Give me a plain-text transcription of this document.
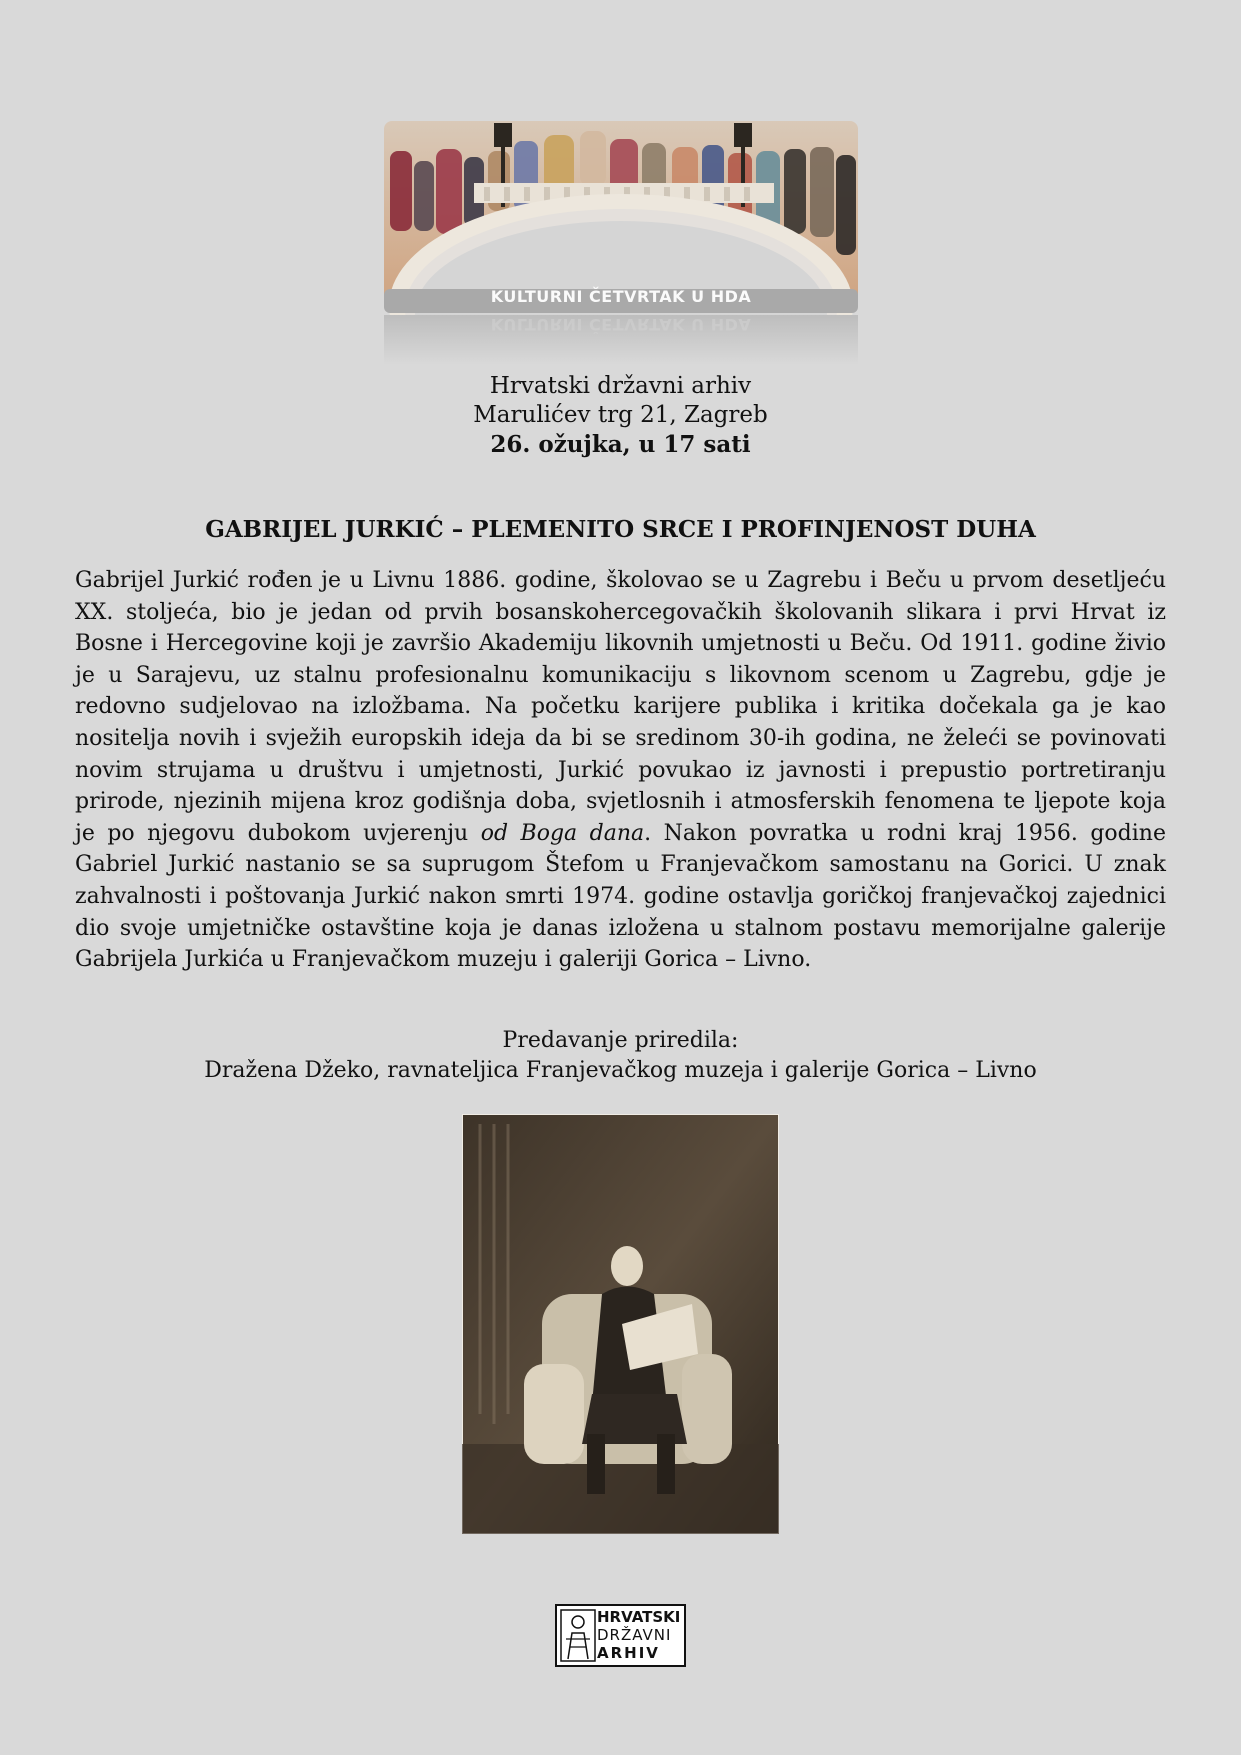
KULTURNI ČETVRTAK U HDA
KULTURNI ČETVRTAK U HDA
Hrvatski državni arhiv
Marulićev trg 21, Zagreb
26. ožujka, u 17 sati
GABRIJEL JURKIĆ – PLEMENITO SRCE I PROFINJENOST DUHA

Gabrijel Jurkić rođen je u Livnu 1886. godine, školovao se u Zagrebu i Beču u prvom desetljeću XX. stoljeća, bio je jedan od prvih bosanskohercegovačkih školovanih slikara i prvi Hrvat iz Bosne i Hercegovine koji je završio Akademiju likovnih umjetnosti u Beču. Od 1911. godine živio je u Sarajevu, uz stalnu profesionalnu komunikaciju s likovnom scenom u Zagrebu, gdje je redovno sudjelovao na izložbama. Na početku karijere publika i kritika dočekala ga je kao nositelja novih i svježih europskih ideja da bi se sredinom 30-ih godina, ne želeći se povinovati novim strujama u društvu i umjetnosti, Jurkić povukao iz javnosti i prepustio portretiranju prirode, njezinih mijena kroz godišnja doba, svjetlosnih i atmosferskih fenomena te ljepote koja je po njegovu dubokom uvjerenju od Boga dana. Nakon povratka u rodni kraj 1956. godine Gabriel Jurkić nastanio se sa suprugom Štefom u Franjevačkom samostanu na Gorici. U znak zahvalnosti i poštovanja Jurkić nakon smrti 1974. godine ostavlja goričkoj franjevačkoj zajednici dio svoje umjetničke ostavštine koja je danas izložena u stalnom postavu memorijalne galerije Gabrijela Jurkića u Franjevačkom muzeju i galeriji Gorica – Livno.

Predavanje priredila:
Dražena Džeko, ravnateljica Franjevačkog muzeja i galerije Gorica – Livno
HRVATSKI
DRŽAVNI
ARHIV
